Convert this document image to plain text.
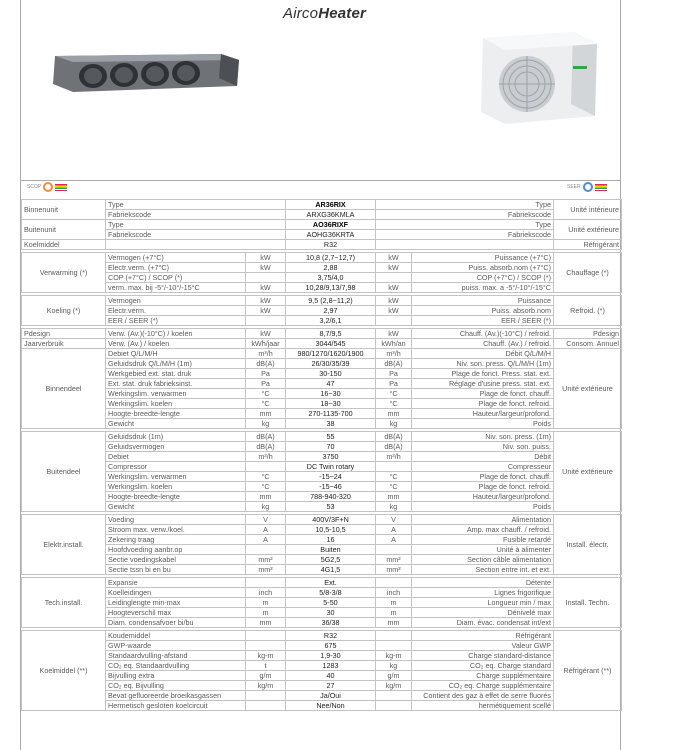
AircoHeater
SCOP	SEER
Binnenunit	Type		AR36RIX	Type		Unité intérieure
	Fabriekscode		ARXG36KMLA	Fabriekscode		
Buitenunit	Type		AO36RIXF	Type		Unité extérieure
	Fabriekscode		AOHG36KRTA	Fabriekscode		
Koelmiddel			R32			Réfrigérant

Verwarming (*)	Vermogen (+7°C)	kW	10,8 (2,7~12,7)	kW	Puissance (+7°C)	Chauffage (*)
	Electr.verm. (+7°C)	kW	2,88	kW	Puiss. absorb.nom (+7°C)	
	COP (+7°C) / SCOP (*)		3,75/4,0		COP (+7°C) / SCOP (*)	
	verm. max. bij -5°/-10°/-15°C	kW	10,28/9,13/7,98	kW	puiss. max. a -5°/-10°/-15°C	

Koeling (*)	Vermogen	kW	9,5 (2,8~11,2)	kW	Puissance	Refroid. (*)
	Electr.verm.	kW	2,97	kW	Puiss. absorb.nom	
	EER / SEER (*)		3,2/6,1		EER / SEER (*)	

Pdesign	Verw. (Av.)(-10°C) / koelen	kW	8,7/9,5	kW	Chauff. (Av.)(-10°C) / refroid.	Pdesign
Jaarverbruik	Verw. (Av.) / koelen	kWh/jaar	3044/545	kWh/an	Chauff. (Av.) / refroid.	Consom. Annuel
Binnendeel	Debiet Q/L/M/H	m³/h	980/1270/1620/1900	m³/h	Débit Q/L/M/H	Unité extérieure
	Geluidsdruk Q/L/M/H (1m)	dB(A)	26/30/35/39	dB(A)	Niv. son. press. Q/L/M/H (1m)	
	Werkgebied ext. stat. druk	Pa	30-150	Pa	Plage de fonct. Press. stat. ext.	
	Ext. stat. druk fabrieksinst.	Pa	47	Pa	Réglage d'usine press. stat. ext.	
	Werkingslim. verwarmen	°C	16~30	°C	Plage de fonct. chauff.	
	Werkingslim. koelen	°C	18~30	°C	Plage de fonct. refroid.	
	Hoogte-breedte-lengte	mm	270-1135-700	mm	Hauteur/largeur/profond.	
	Gewicht	kg	38	kg	Poids	

Buitendeel	Geluidsdruk (1m)	dB(A)	55	dB(A)	Niv. son. press. (1m)	Unité extérieure
	Geluidsvermogen	dB(A)	70	dB(A)	Niv. son. puiss.	
	Debiet	m³/h	3750	m³/h	Débit	
	Compressor		DC Twin rotary		Compresseur	
	Werkingslim. verwarmen	°C	-15~24	°C	Plage de fonct. chauff.	
	Werkingslim. koelen	°C	-15~46	°C	Plage de fonct. refroid.	
	Hoogte-breedte-lengte	mm	788-940-320	mm	Hauteur/largeur/profond.	
	Gewicht	kg	53	kg	Poids	

Elektr.install.	Voeding	V	400V/3F+N	V	Alimentation	Install. électr.
	Stroom max. verw./koel.	A	10,5-10,5	A	Amp. max chauff. / refroid.	
	Zekering traag	A	16	A	Fusible retardé	
	Hoofdvoeding aanbr.op		Buiten		Unité à alimenter	
	Sectie voedingskabel	mm²	5G2,5	mm²	Section câble alimentation	
	Sectie tssn bi en bu	mm²	4G1,5	mm²	Section entre int. et ext.	

Tech.install.	Expansie		Ext.		Détente	Install. Techn.
	Koelleidingen	inch	5/8-3/8	inch	Lignes frigorifique	
	Leidinglengte min-max	m	5-50	m	Longueur min / max	
	Hoogteverschil max	m	30	m	Dénivelé max	
	Diam. condensafvoer bi/bu	mm	36/38	mm	Diam. évac. condensat int/ext	

Koelmiddel (**)	Koudemiddel		R32		Réfrigérant	Réfrigérant (**)
	GWP-waarde		675		Valeur GWP	
	Standaardvulling-afstand	kg-m	1,9-30	kg-m	Charge standard-distance	
	CO₂ eq. Standaardvulling	t	1283	kg	CO₂ eq. Charge standard	
	Bijvulling extra	g/m	40	g/m	Charge supplémentaire	
	CO₂ eq. Bijvulling	kg/m	27	kg/m	CO₂ eq. Charge supplémentaire	
	Bevat gefluoreerde broeikasgassen		Ja/Oui		Contient des gaz à effet de serre fluorés	
	Hermetisch gesloten koelcircuit		Nee/Non		hermétiquement scellé	
